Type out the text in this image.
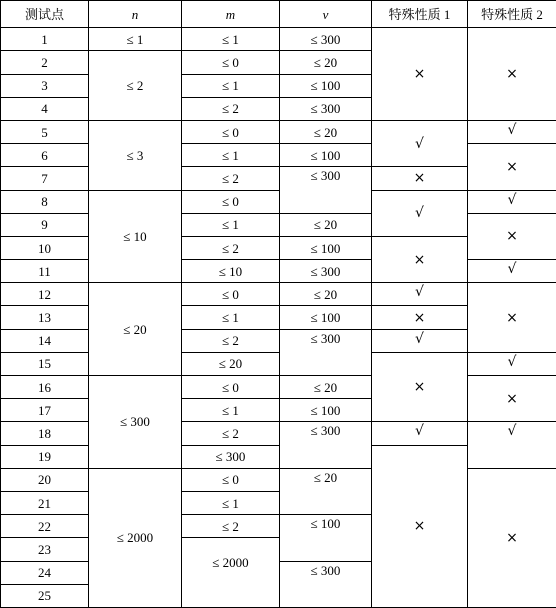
测试点	n	m	v	特殊性质 1	特殊性质 2
1	≤ 1	≤ 1	≤ 300	×	×
2	≤ 2	≤ 0	≤ 20		
3		≤ 1	≤ 100		
4		≤ 2	≤ 300		
5	≤ 3	≤ 0	≤ 20	√	√
6		≤ 1	≤ 100		×
7		≤ 2	≤ 300	×	
8	≤ 10	≤ 0		√	√
9		≤ 1	≤ 20		×
10		≤ 2	≤ 100	×	
11		≤ 10	≤ 300		√
12	≤ 20	≤ 0	≤ 20	√	×
13		≤ 1	≤ 100	×	
14		≤ 2	≤ 300	√	
15		≤ 20		×	√
16	≤ 300	≤ 0	≤ 20		×
17		≤ 1	≤ 100		
18		≤ 2	≤ 300	√	√
19		≤ 300		×	
20	≤ 2000	≤ 0	≤ 20		×
21		≤ 1			
22		≤ 2	≤ 100		
23		≤ 2000			
24			≤ 300		
25					
